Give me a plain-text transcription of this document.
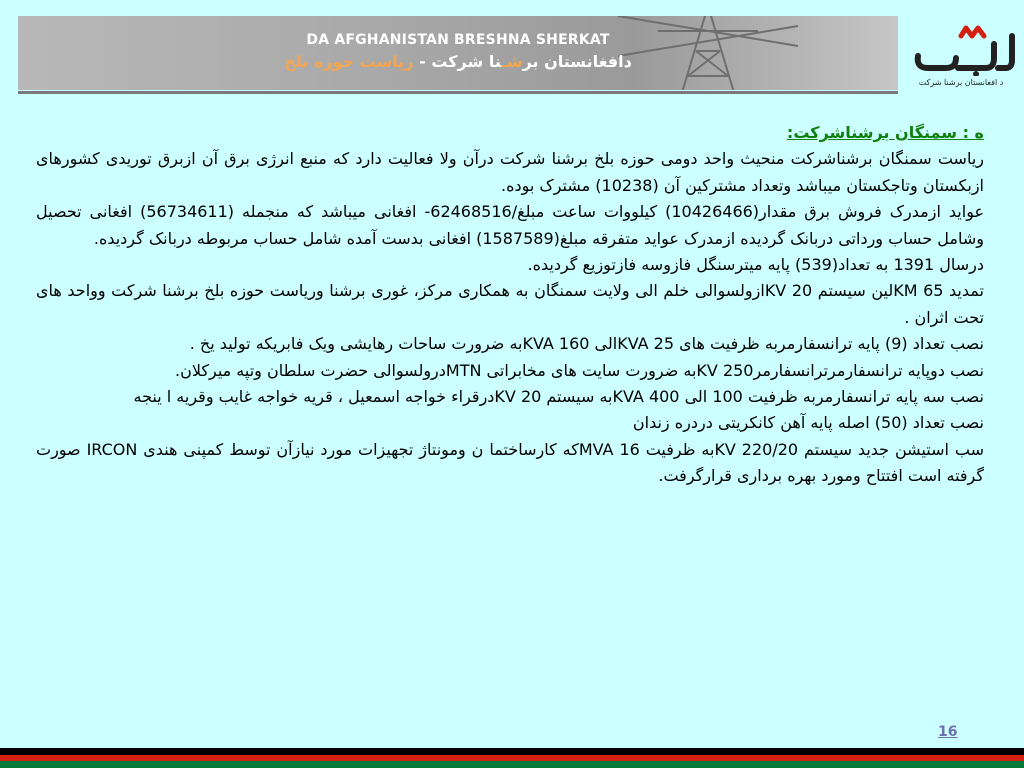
DA AFGHANISTAN BRESHNA SHERKAT
دافغانستان برشـنا شرکت - ریاست حوزه بلخ
د افغانستان برشنا شرکت

ه : سمنگان برشناشرکت:

ریاست سمنگان برشناشرکت منحیث واحد دومی حوزه بلخ برشنا شرکت درآن ولا فعالیت دارد که منبع انرژی برق آن ازبرق توریدی کشورهای ازبکستان وتاجکستان میباشد وتعداد مشترکین آن (10238) مشترک بوده.

عواید ازمدرک فروش برق مقدار(10426466) کیلووات ساعت مبلغ/62468516- افغانی میباشد که منجمله (56734611) افغانی تحصیل وشامل حساب ورداتی دربانک گردیده ازمدرک عواید متفرقه مبلغ(1587589) افغانی بدست آمده شامل حساب مربوطه دربانک گردیده.

درسال 1391 به تعداد(539) پایه میترسنگل فازوسه فازتوزیع گردیده.

تمدید 65 KMلین سیستم KV 20ازولسوالی خلم الی ولایت سمنگان به همکاری مرکز، غوری برشنا وریاست حوزه بلخ برشنا شرکت وواحد های تحت اثران .

نصب تعداد (9) پایه ترانسفارمربه ظرفیت های KVA 25الی KVA 160به ضرورت ساحات رهایشی ویک فابریکه تولید یخ .

نصب دوپایه ترانسفارمرترانسفارمرKV 250به ضرورت سایت های مخابراتی MTNدرولسوالی حضرت سلطان وتپه میرکلان.

نصب سه پایه ترانسفارمربه ظرفیت 100 الی KVA 400به سیستم KV 20درقراء خواجه اسمعیل ، قریه خواجه غایب وقریه ا ینجه

نصب تعداد (50) اصله پایه آهن کانکریتی دردره زندان

سب استیشن جدید سیستم KV 220/20به ظرفیت 16 MVAکه کارساختما ن ومونتاژ تجهیزات مورد نیازآن توسط کمپنی هندی IRCON صورت گرفته است افتتاح ومورد بهره برداری قرارگرفت.

16
